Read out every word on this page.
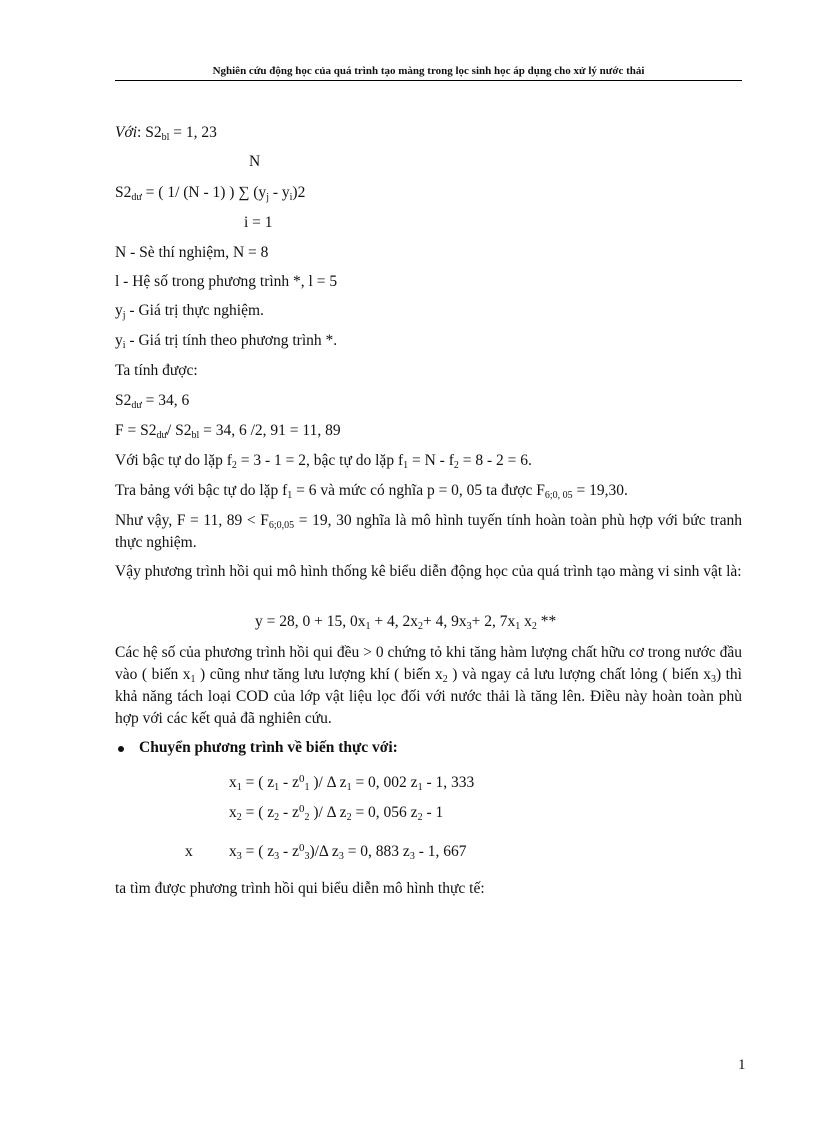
Nghiên cứu động học của quá trình tạo màng trong lọc sinh học áp dụng cho xử lý nước thải
Với: $S2_{bl} = 1$, 23
N
$S2_{dư}$ = ( 1/ (N - 1) ) ∑ $(y_j - y_i)2$
i = 1
N - Sè thí nghiệm, N = 8
l - Hệ số trong phương trình *, l = 5
$y_j$ - Giá trị thực nghiệm.
$y_i$ - Giá trị tính theo phương trình *.
Ta tính được:
$S2_{dư} = 34$, 6
$F = S2_{dư}/$ $S2_{bl} = 34$, 6 /2, 91 = 11, 89
Với bậc tự do lặp $f_2 = 3 - 1 = 2$, bậc tự do lặp $f_1 = N - f_2 = 8 - 2 = 6$.
Tra bảng với bậc tự do lặp $f_1 = 6$ và mức có nghĩa p = 0, 05 ta được $F_{6;0, 05} = 19,30$.
Như vậy, F = 11, $89 < F_{6;0,05} = 19$, 30 nghĩa là mô hình tuyến tính hoàn toàn phù hợp với bức tranh thực nghiệm.
Vậy phương trình hồi qui mô hình thống kê biểu diễn động học của quá trình tạo màng vi sinh vật là:
y = 28, 0 + 15, $0x_1 + 4$, $2x_2+ 4$, $9x_3+ 2$, $7x_1$ $x_2$ **
Các hệ số của phương trình hồi qui đều > 0 chứng tỏ khi tăng hàm lượng chất hữu cơ trong nước đầu vào ( biến $x_1$ ) cũng như tăng lưu lượng khí ( biến $x_2$ ) và ngay cả lưu lượng chất lỏng ( biến $x_3$) thì khả năng tách loại COD của lớp vật liệu lọc đối với nước thải là tăng lên. Điều này hoàn toàn phù hợp với các kết quả đã nghiên cứu.
Chuyển phương trình về biến thực với:
$x_1$ = ( $z_1 - z^0_1$ )/ Δ $z_1 = 0$, 002 $z_1 - 1$, 333
$x_2$ = ( $z_2 - z^0_2$ )/ Δ $z_2 = 0$, 056 $z_2 - 1$
x $x_3$ = ( $z_3 - z^0_3)/\Delta$ $z_3 = 0$, 883 $z_3 - 1$, 667
ta tìm được phương trình hồi qui biểu diễn mô hình thực tế:
1
